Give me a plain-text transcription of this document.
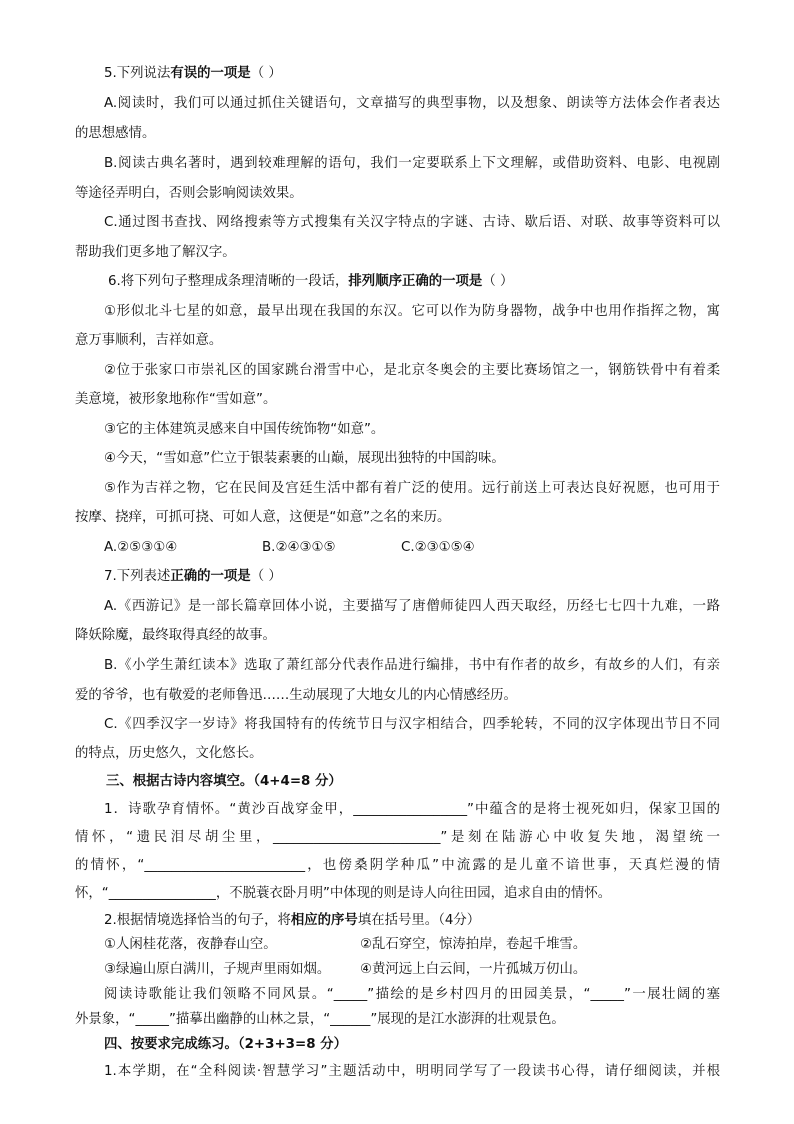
5.下列说法有误的一项是（ ）
A.阅读时，我们可以通过抓住关键语句，文章描写的典型事物，以及想象、朗读等方法体会作者表达
的思想感情。
B.阅读古典名著时，遇到较难理解的语句，我们一定要联系上下文理解，或借助资料、电影、电视剧
等途径弄明白，否则会影响阅读效果。
C.通过图书查找、网络搜索等方式搜集有关汉字特点的字谜、古诗、歇后语、对联、故事等资料可以
帮助我们更多地了解汉字。
6.将下列句子整理成条理清晰的一段话，排列顺序正确的一项是（ ）
①形似北斗七星的如意，最早出现在我国的东汉。它可以作为防身器物，战争中也用作指挥之物，寓
意万事顺利，吉祥如意。
②位于张家口市崇礼区的国家跳台滑雪中心，是北京冬奥会的主要比赛场馆之一，钢筋铁骨中有着柔
美意境，被形象地称作“雪如意”。
③它的主体建筑灵感来自中国传统饰物“如意”。
④今天，“雪如意”伫立于银装素裹的山巅，展现出独特的中国韵味。
⑤作为吉祥之物，它在民间及宫廷生活中都有着广泛的使用。远行前送上可表达良好祝愿，也可用于
按摩、挠痒，可抓可挠、可如人意，这便是“如意”之名的来历。
A.②⑤③①④	B.②④③①⑤	C.②③①⑤④
7.下列表述正确的一项是（ ）
A.《西游记》是一部长篇章回体小说，主要描写了唐僧师徒四人西天取经，历经七七四十九难，一路
降妖除魔，最终取得真经的故事。
B.《小学生萧红读本》选取了萧红部分代表作品进行编排，书中有作者的故乡，有故乡的人们，有亲
爱的爷爷，也有敬爱的老师鲁迅……生动展现了大地女儿的内心情感经历。
C.《四季汉字一岁诗》将我国特有的传统节日与汉字相结合，四季轮转，不同的汉字体现出节日不同
的特点，历史悠久，文化悠长。
三、根据古诗内容填空。（4+4=8 分）
1．诗歌孕育情怀。“黄沙百战穿金甲，_________________”中蕴含的是将士视死如归，保家卫国的
情怀，“遗民泪尽胡尘里，_________________________”是刻在陆游心中收复失地，渴望统一
的情怀，“________________________，也傍桑阴学种瓜”中流露的是儿童不谙世事，天真烂漫的情
怀，“________________，不脱蓑衣卧月明”中体现的则是诗人向往田园，追求自由的情怀。
2.根据情境选择恰当的句子，将相应的序号填在括号里。（4分）
①人闲桂花落，夜静春山空。	②乱石穿空，惊涛拍岸，卷起千堆雪。
③绿遍山原白满川，子规声里雨如烟。 ④黄河远上白云间，一片孤城万仞山。
阅读诗歌能让我们领略不同风景。“_____”描绘的是乡村四月的田园美景，“_____”一展壮阔的塞
外景象，“_____”描摹出幽静的山林之景，“______”展现的是江水澎湃的壮观景色。
四、按要求完成练习。（2+3+3=8 分）
1.本学期，在“全科阅读·智慧学习”主题活动中，明明同学写了一段读书心得，请仔细阅读，并根
